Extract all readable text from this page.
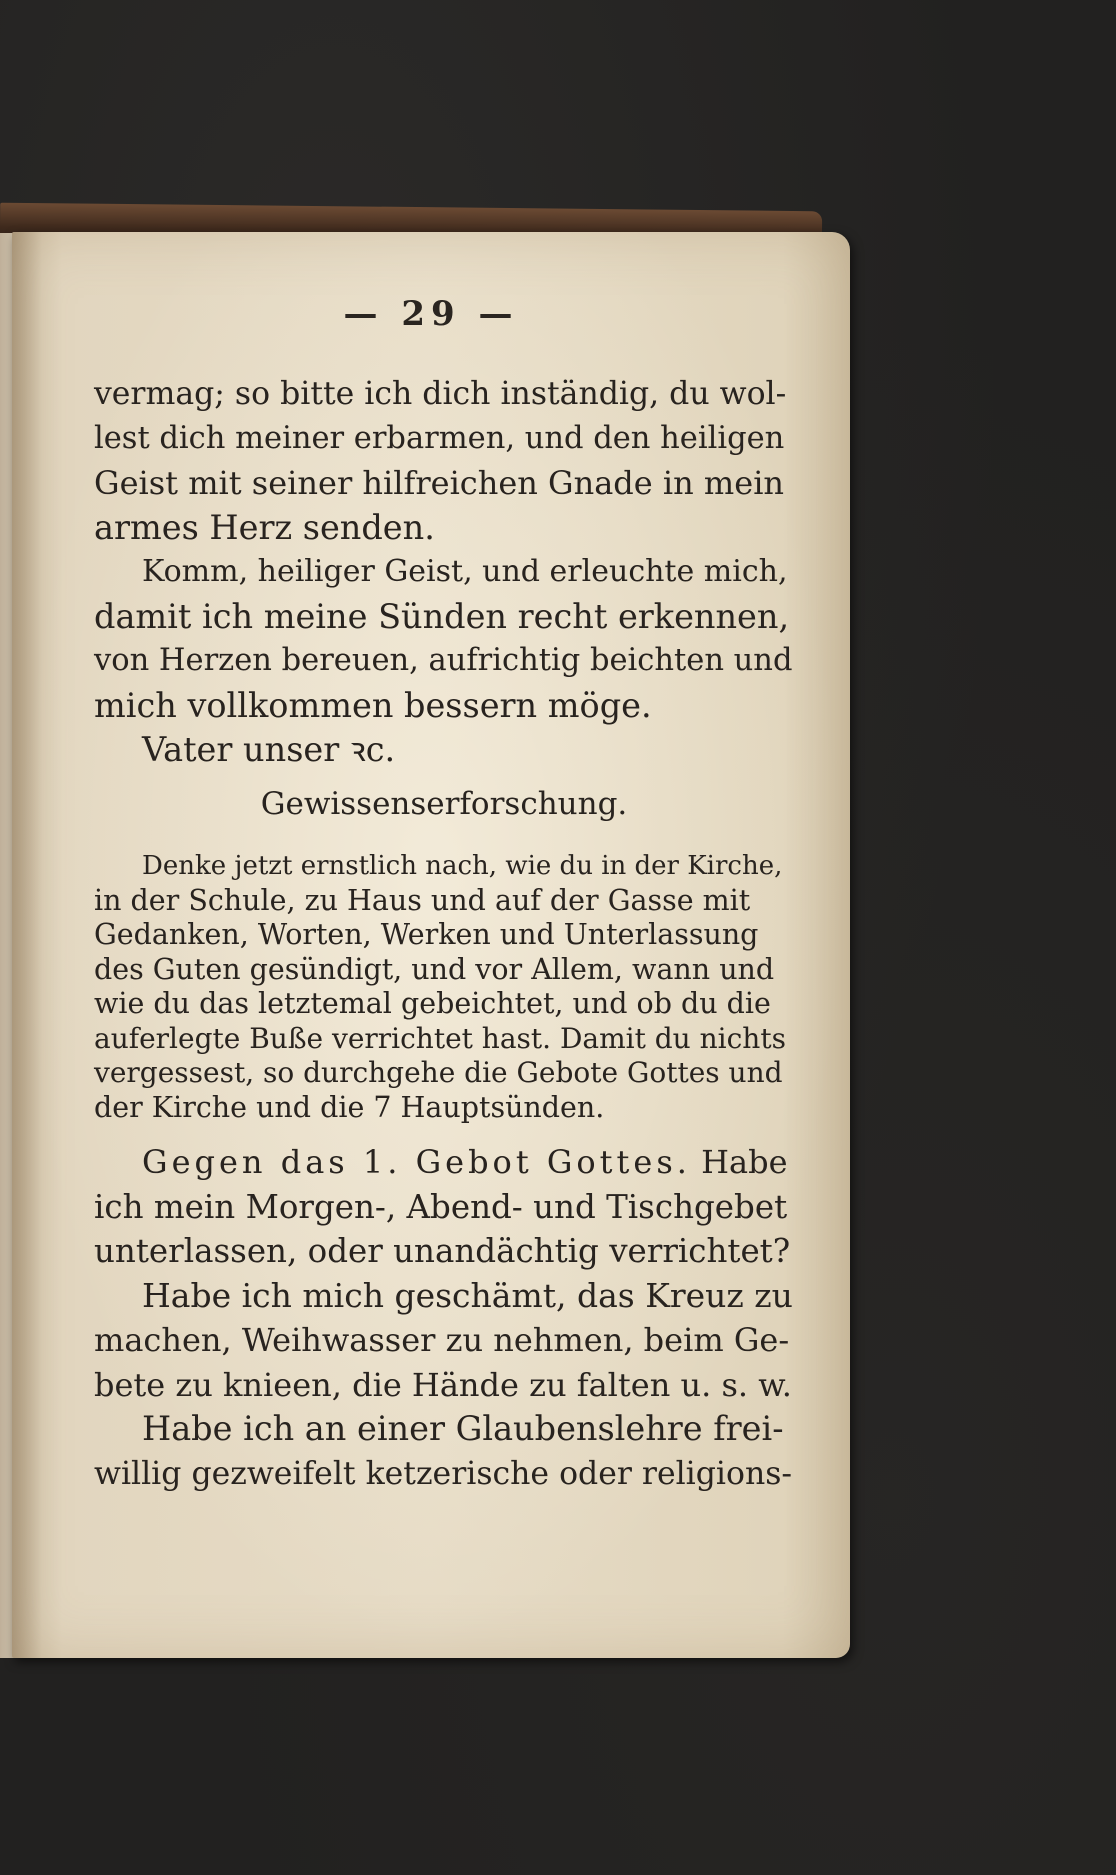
— 29 —

vermag; so bitte ich dich inständig, du wol-
lest dich meiner erbarmen, und den heiligen
Geist mit seiner hilfreichen Gnade in mein
armes Herz senden.

Komm, heiliger Geist, und erleuchte mich,
damit ich meine Sünden recht erkennen,
von Herzen bereuen, aufrichtig beichten und
mich vollkommen bessern möge.

Vater unser ꝛc.

Gewissenserforschung.

Denke jetzt ernstlich nach, wie du in der Kirche,
in der Schule, zu Haus und auf der Gasse mit
Gedanken, Worten, Werken und Unterlassung
des Guten gesündigt, und vor Allem, wann und
wie du das letztemal gebeichtet, und ob du die
auferlegte Buße verrichtet hast. Damit du nichts
vergessest, so durchgehe die Gebote Gottes und
der Kirche und die 7 Hauptsünden.

Gegen das 1. Gebot Gottes. Habe
ich mein Morgen-, Abend- und Tischgebet
unterlassen, oder unandächtig verrichtet?

Habe ich mich geschämt, das Kreuz zu
machen, Weihwasser zu nehmen, beim Ge-
bete zu knieen, die Hände zu falten u. s. w.

Habe ich an einer Glaubenslehre frei-
willig gezweifelt ketzerische oder religions-
